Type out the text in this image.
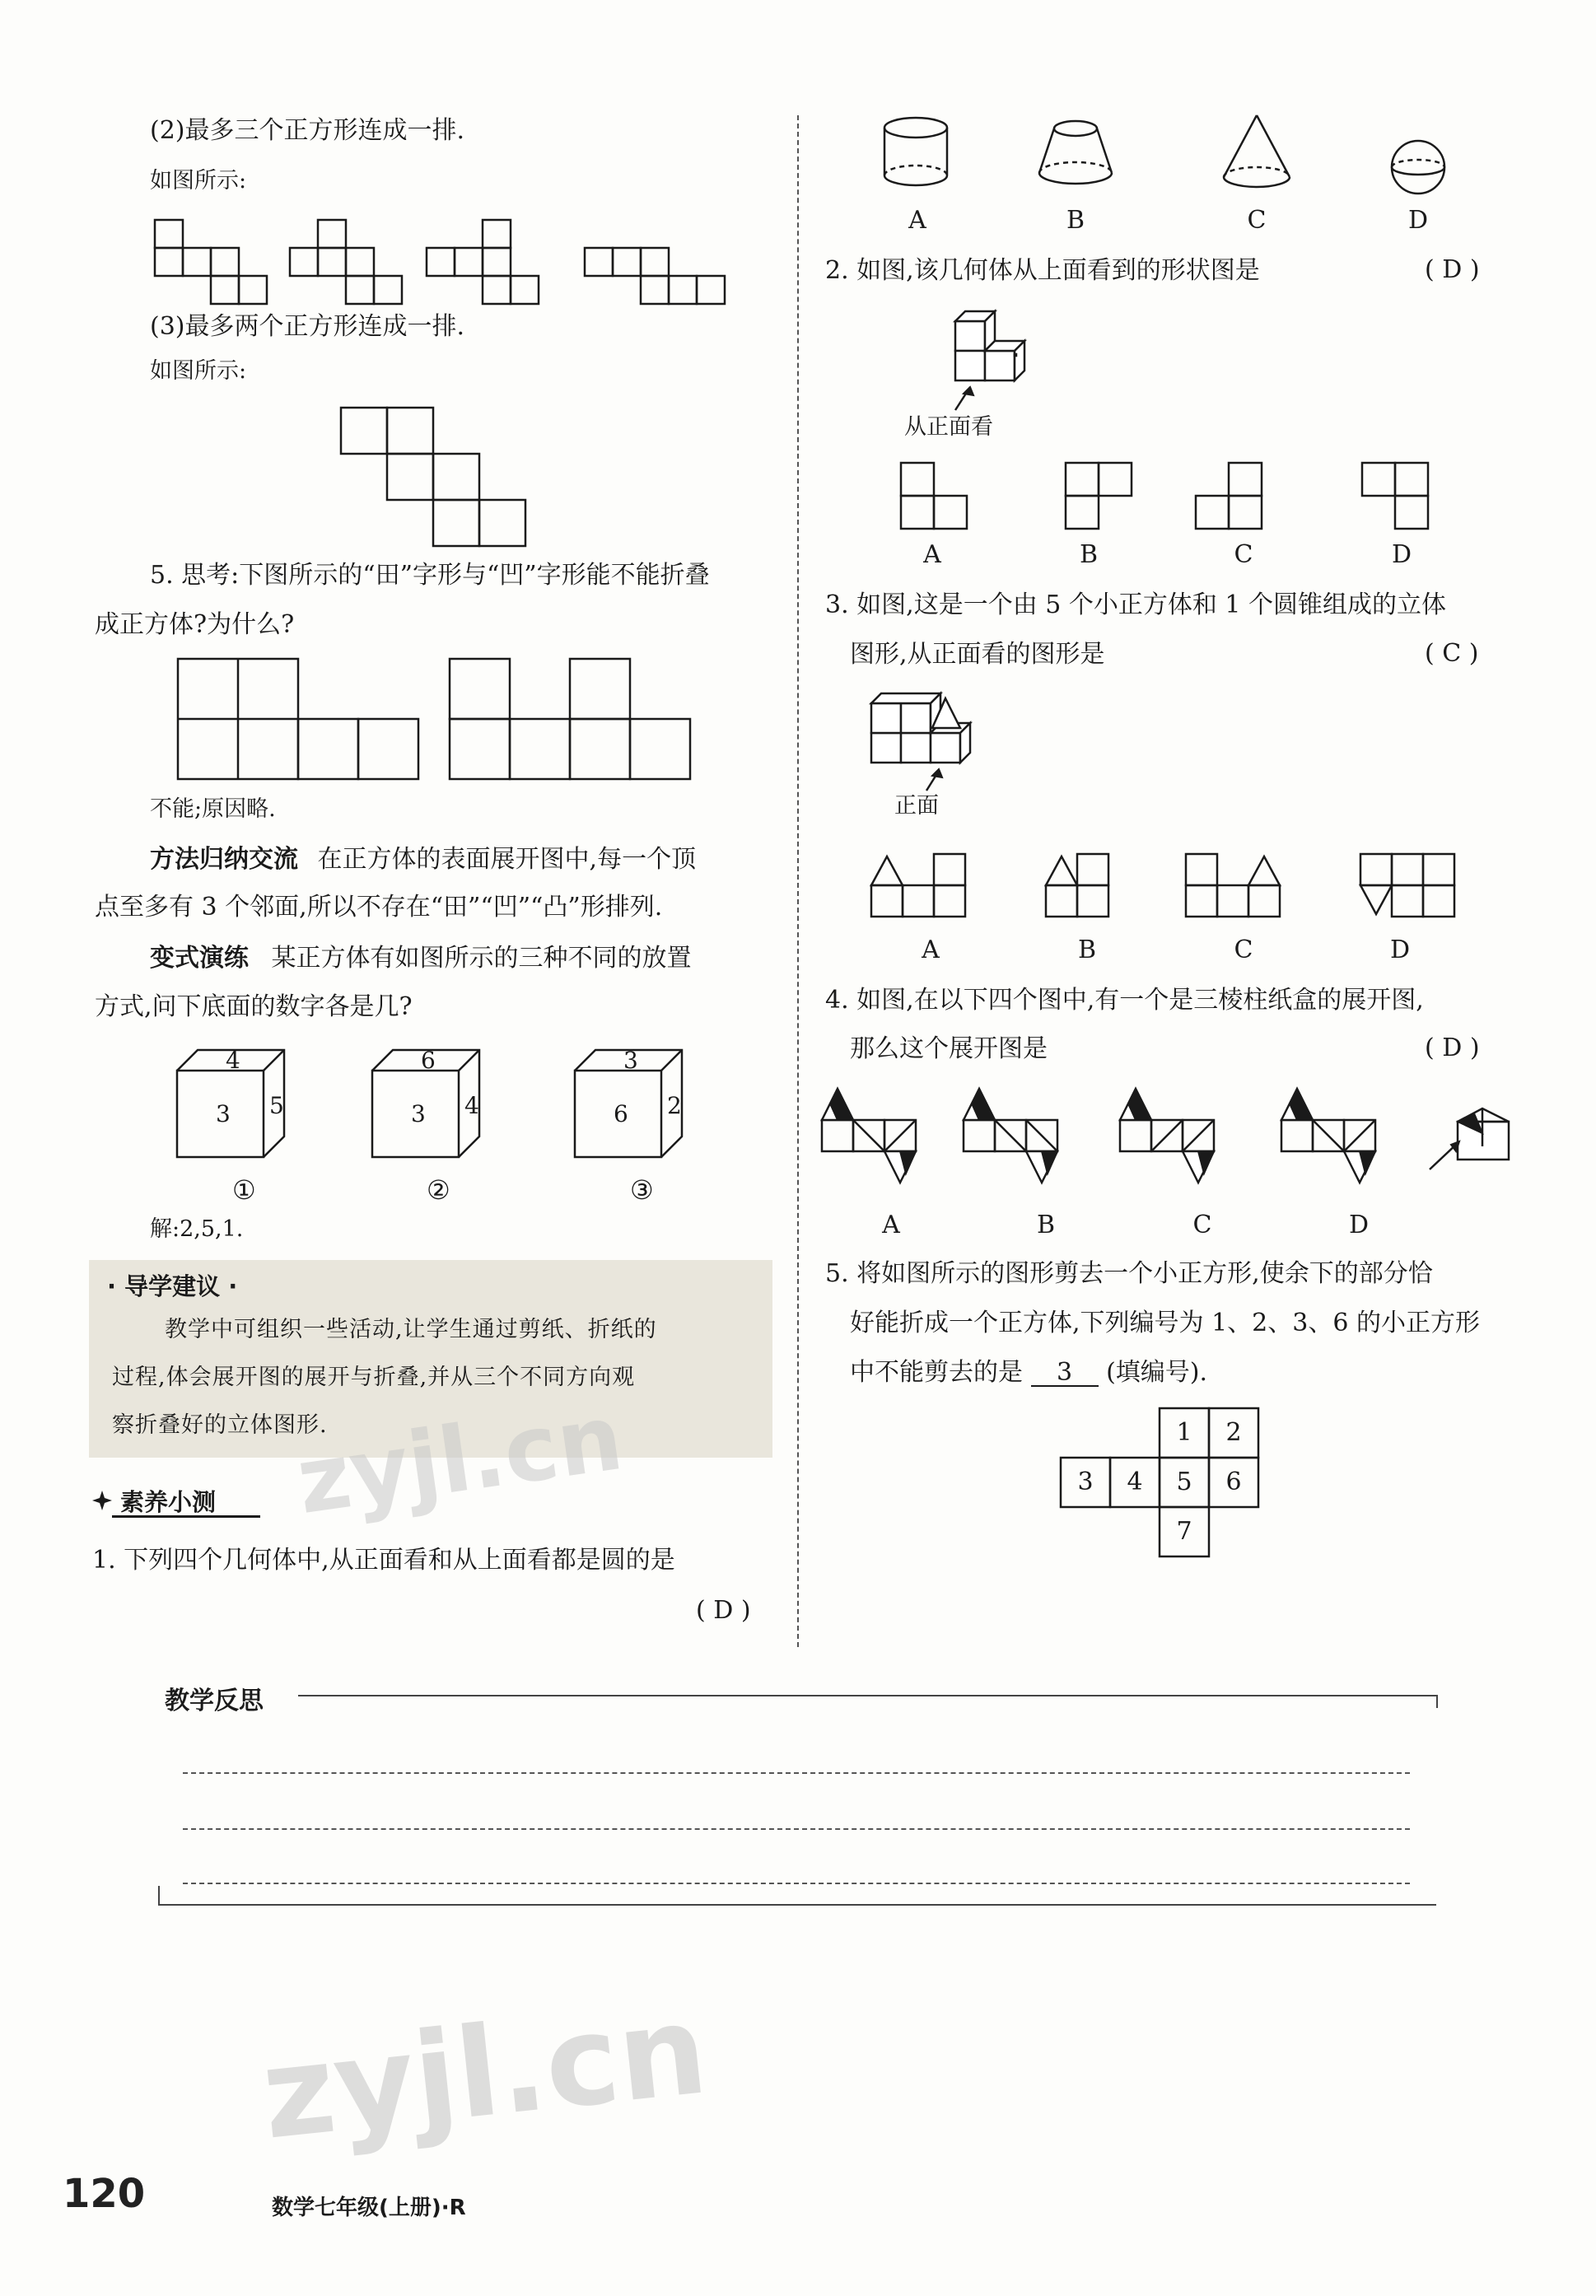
(2)最多三个正方形连成一排.
如图所示:
(3)最多两个正方形连成一排.
如图所示:
5. 思考:下图所示的“田”字形与“凹”字形能不能折叠
成正方体?为什么?
不能;原因略.
方法归纳交流 在正方体的表面展开图中,每一个顶
点至多有 3 个邻面,所以不存在“田”“凹”“凸”形排列.
变式演练 某正方体有如图所示的三种不同的放置
方式,问下底面的数字各是几?
4
3 5
①
6
3 4
②
3
6 2
③
解:2,5,1.
· 导学建议 ·
教学中可组织一些活动,让学生通过剪纸、折纸的
过程,体会展开图的展开与折叠,并从三个不同方向观
察折叠好的立体图形.
素养小测
1. 下列四个几何体中,从正面看和从上面看都是圆的是
( D )
A	B	C	D
2. 如图,该几何体从上面看到的形状图是	( D )
从正面看
A	B	C	D
3. 如图,这是一个由 5 个小正方体和 1 个圆锥组成的立体
图形,从正面看的图形是	( C )
正面
A	B	C	D
4. 如图,在以下四个图中,有一个是三棱柱纸盒的展开图,
那么这个展开图是	( D )
A	B	C	D
5. 将如图所示的图形剪去一个小正方形,使余下的部分恰
好能折成一个正方体,下列编号为 1、2、3、6 的小正方形
中不能剪去的是 3 (填编号).
1	2
3	4	5	6
7
教学反思
zyjl.cn
zyjl.cn
120	数学七年级(上册)·R
